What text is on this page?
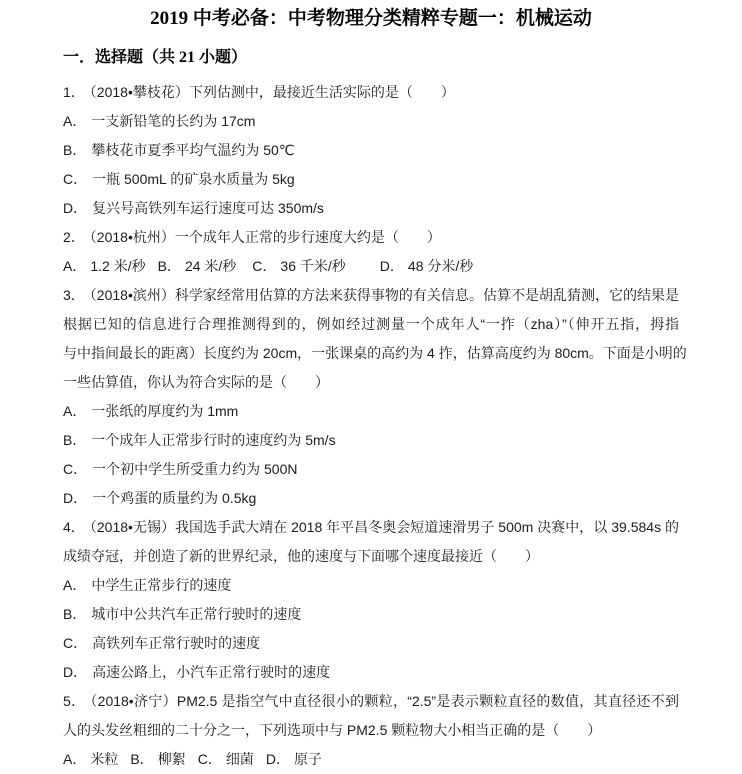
2019 中考必备：中考物理分类精粹专题一：机械运动
一．选择题（共 21 小题）

1． （2018•攀枝花）下列估测中，最接近生活实际的是（　　）

A． 一支新铅笔的长约为 17cm

B． 攀枝花市夏季平均气温约为 50℃

C． 一瓶 500mL 的矿泉水质量为 5kg

D． 复兴号高铁列车运行速度可达 350m/s

2． （2018•杭州）一个成年人正常的步行速度大约是（　　）

A． 1.2 米/秒 B． 24 米/秒 C． 36 千米/秒 D． 48 分米/秒

3． （2018•滨州）科学家经常用估算的方法来获得事物的有关信息。估算不是胡乱猜测，它的结果是

根据已知的信息进行合理推测得到的，例如经过测量一个成年人“一拃（zha）”（伸开五指，拇指

与中指间最长的距离）长度约为 20cm，一张课桌的高约为 4 拃，估算高度约为 80cm。下面是小明的

一些估算值，你认为符合实际的是（　　）

A． 一张纸的厚度约为 1mm

B． 一个成年人正常步行时的速度约为 5m/s

C． 一个初中学生所受重力约为 500N

D． 一个鸡蛋的质量约为 0.5kg

4． （2018•无锡）我国选手武大靖在 2018 年平昌冬奥会短道速滑男子 500m 决赛中，以 39.584s 的

成绩夺冠，并创造了新的世界纪录，他的速度与下面哪个速度最接近（　　）

A． 中学生正常步行的速度

B． 城市中公共汽车正常行驶时的速度

C． 高铁列车正常行驶时的速度

D． 高速公路上，小汽车正常行驶时的速度

5． （2018•济宁）PM2.5 是指空气中直径很小的颗粒，“2.5”是表示颗粒直径的数值，其直径还不到

人的头发丝粗细的二十分之一，下列选项中与 PM2.5 颗粒物大小相当正确的是（　　）

A． 米粒 B． 柳絮 C． 细菌 D． 原子
